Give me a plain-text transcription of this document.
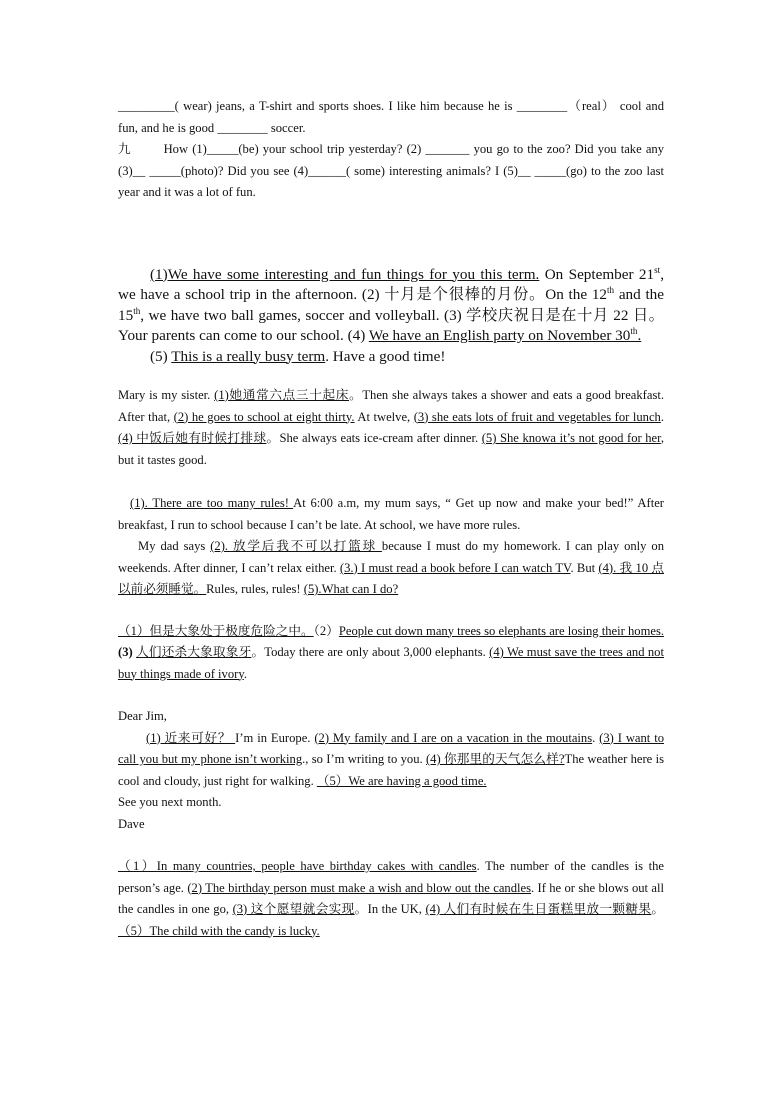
_________( wear) jeans, a T-shirt and sports shoes. I like him because he is ________（real） cool and fun, and he is good ________ soccer.

九	How (1)_____(be) your school trip yesterday? (2) _______ you go to the zoo? Did you take any (3)__ _____(photo)? Did you see (4)______( some) interesting animals? I (5)__ _____(go) to the zoo last year and it was a lot of fun.

(1)We have some interesting and fun things for you this term. On September 21st, we have a school trip in the afternoon. (2) 十月是个很棒的月份。On the 12th and the 15th, we have two ball games, soccer and volleyball. (3) 学校庆祝日是在十月 22 日。 Your parents can come to our school. (4) We have an English party on November 30th.

(5) This is a really busy term. Have a good time!

Mary is my sister. (1)她通常六点三十起床。Then she always takes a shower and eats a good breakfast. After that, (2) he goes to school at eight thirty. At twelve, (3) she eats lots of fruit and vegetables for lunch. (4) 中饭后她有时候打排球。She always eats ice-cream after dinner. (5) She knowa it’s not good for her, but it tastes good.

(1). There are too many rules! At 6:00 a.m, my mum says, “ Get up now and make your bed!” After breakfast, I run to school because I can’t be late. At school, we have more rules.

My dad says (2). 放学后我不可以打篮球 because I must do my homework. I can play only on weekends. After dinner, I can’t relax either. (3.) I must read a book before I can watch TV. But (4). 我 10 点以前必须睡觉。Rules, rules, rules! (5).What can I do?

（1）但是大象处于极度危险之中。（2）People cut down many trees so elephants are losing their homes. (3) 人们还杀大象取象牙。Today there are only about 3,000 elephants. (4) We must save the trees and not buy things made of ivory.

Dear Jim,

(1) 近来可好？ I’m in Europe. (2) My family and I are on a vacation in the moutains. (3) I want to call you but my phone isn’t working., so I’m writing to you. (4) 你那里的天气怎么样?The weather here is cool and cloudy, just right for walking. （5）We are having a good time.

See you next month.

Dave

（1）In many countries, people have birthday cakes with candles. The number of the candles is the person’s age. (2) The birthday person must make a wish and blow out the candles. If he or she blows out all the candles in one go, (3) 这个愿望就会实现。In the UK, (4) 人们有时候在生日蛋糕里放一颗糖果。（5）The child with the candy is lucky.
